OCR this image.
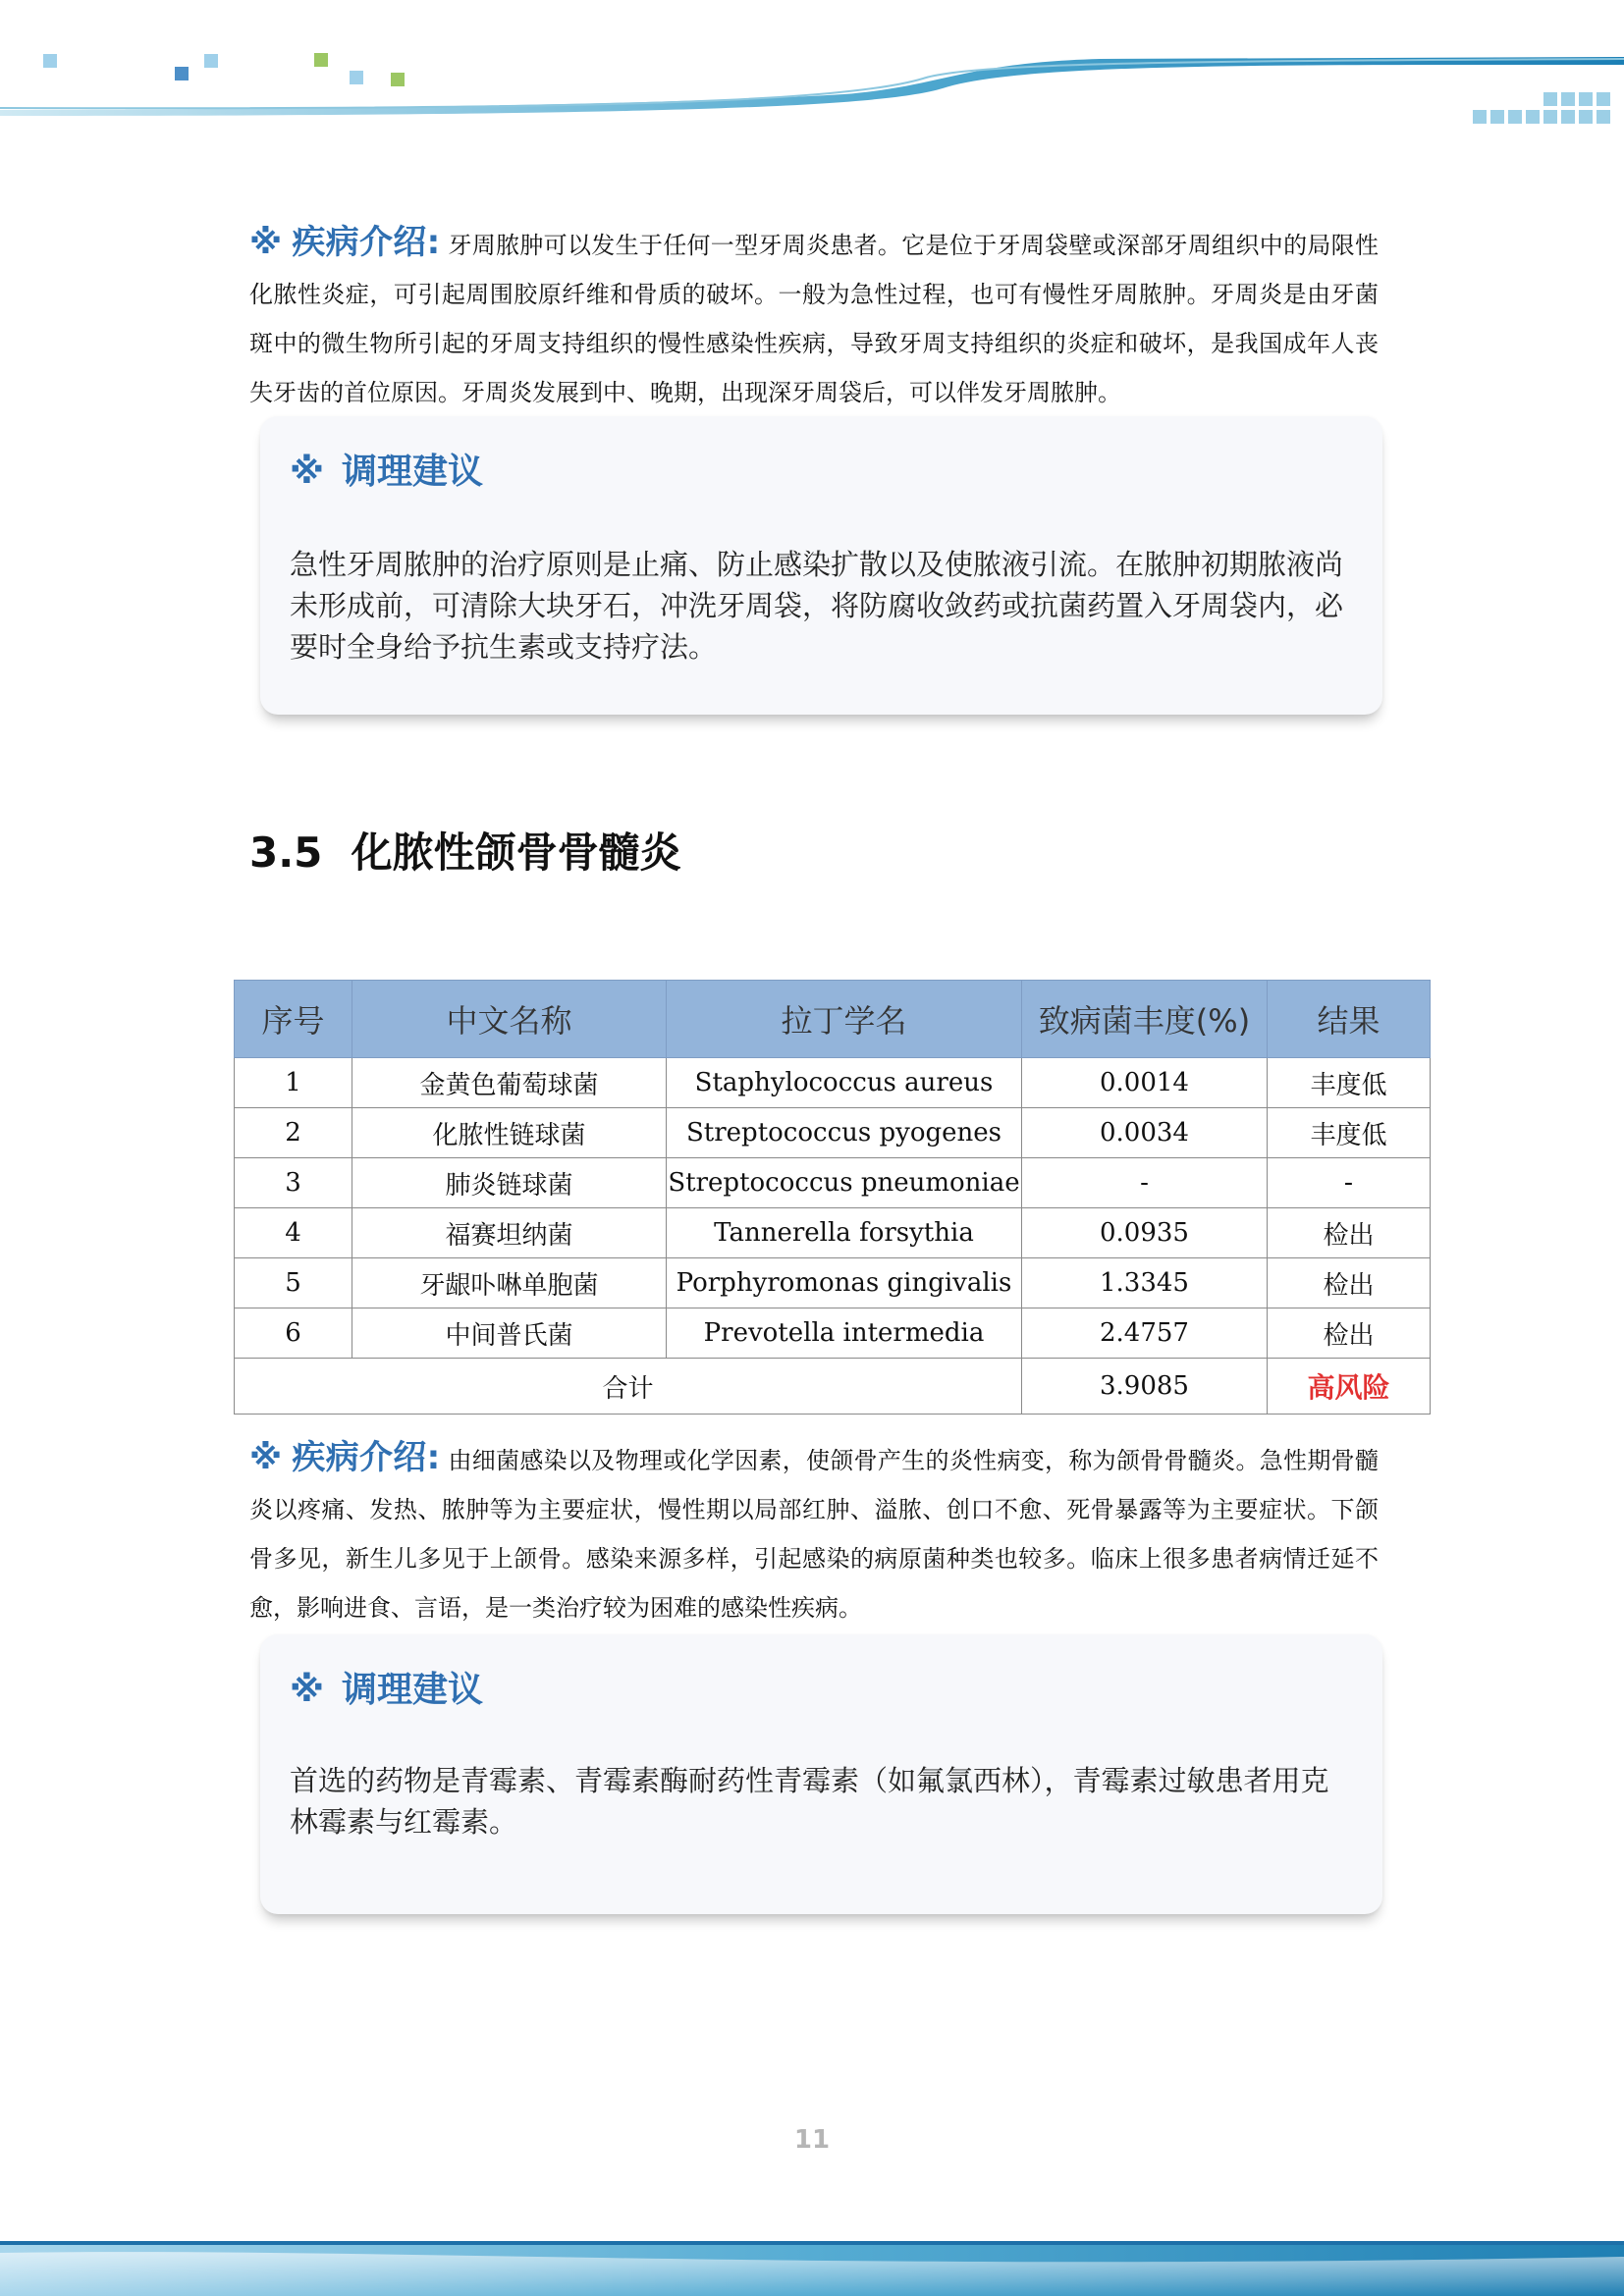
※ 疾病介绍: 牙周脓肿可以发生于任何一型牙周炎患者。它是位于牙周袋壁或深部牙周组织中的局限性化脓性炎症，可引起周围胶原纤维和骨质的破坏。一般为急性过程，也可有慢性牙周脓肿。牙周炎是由牙菌斑中的微生物所引起的牙周支持组织的慢性感染性疾病，导致牙周支持组织的炎症和破坏，是我国成年人丧失牙齿的首位原因。牙周炎发展到中、晚期，出现深牙周袋后，可以伴发牙周脓肿。
※ 调理建议
急性牙周脓肿的治疗原则是止痛、防止感染扩散以及使脓液引流。在脓肿初期脓液尚未形成前，可清除大块牙石，冲洗牙周袋，将防腐收敛药或抗菌药置入牙周袋内，必要时全身给予抗生素或支持疗法。
3.5  化脓性颌骨骨髓炎
序号	中文名称	拉丁学名	致病菌丰度(%)	结果
1	金黄色葡萄球菌	Staphylococcus aureus	0.0014	丰度低
2	化脓性链球菌	Streptococcus pyogenes	0.0034	丰度低
3	肺炎链球菌	Streptococcus pneumoniae	-	-
4	福赛坦纳菌	Tannerella forsythia	0.0935	检出
5	牙龈卟啉单胞菌	Porphyromonas gingivalis	1.3345	检出
6	中间普氏菌	Prevotella intermedia	2.4757	检出
合计			3.9085	高风险
※ 疾病介绍: 由细菌感染以及物理或化学因素，使颌骨产生的炎性病变，称为颌骨骨髓炎。急性期骨髓炎以疼痛、发热、脓肿等为主要症状，慢性期以局部红肿、溢脓、创口不愈、死骨暴露等为主要症状。下颌骨多见，新生儿多见于上颌骨。感染来源多样，引起感染的病原菌种类也较多。临床上很多患者病情迁延不愈，影响进食、言语，是一类治疗较为困难的感染性疾病。
※ 调理建议
首选的药物是青霉素、青霉素酶耐药性青霉素（如氟氯西林），青霉素过敏患者用克林霉素与红霉素。
11
